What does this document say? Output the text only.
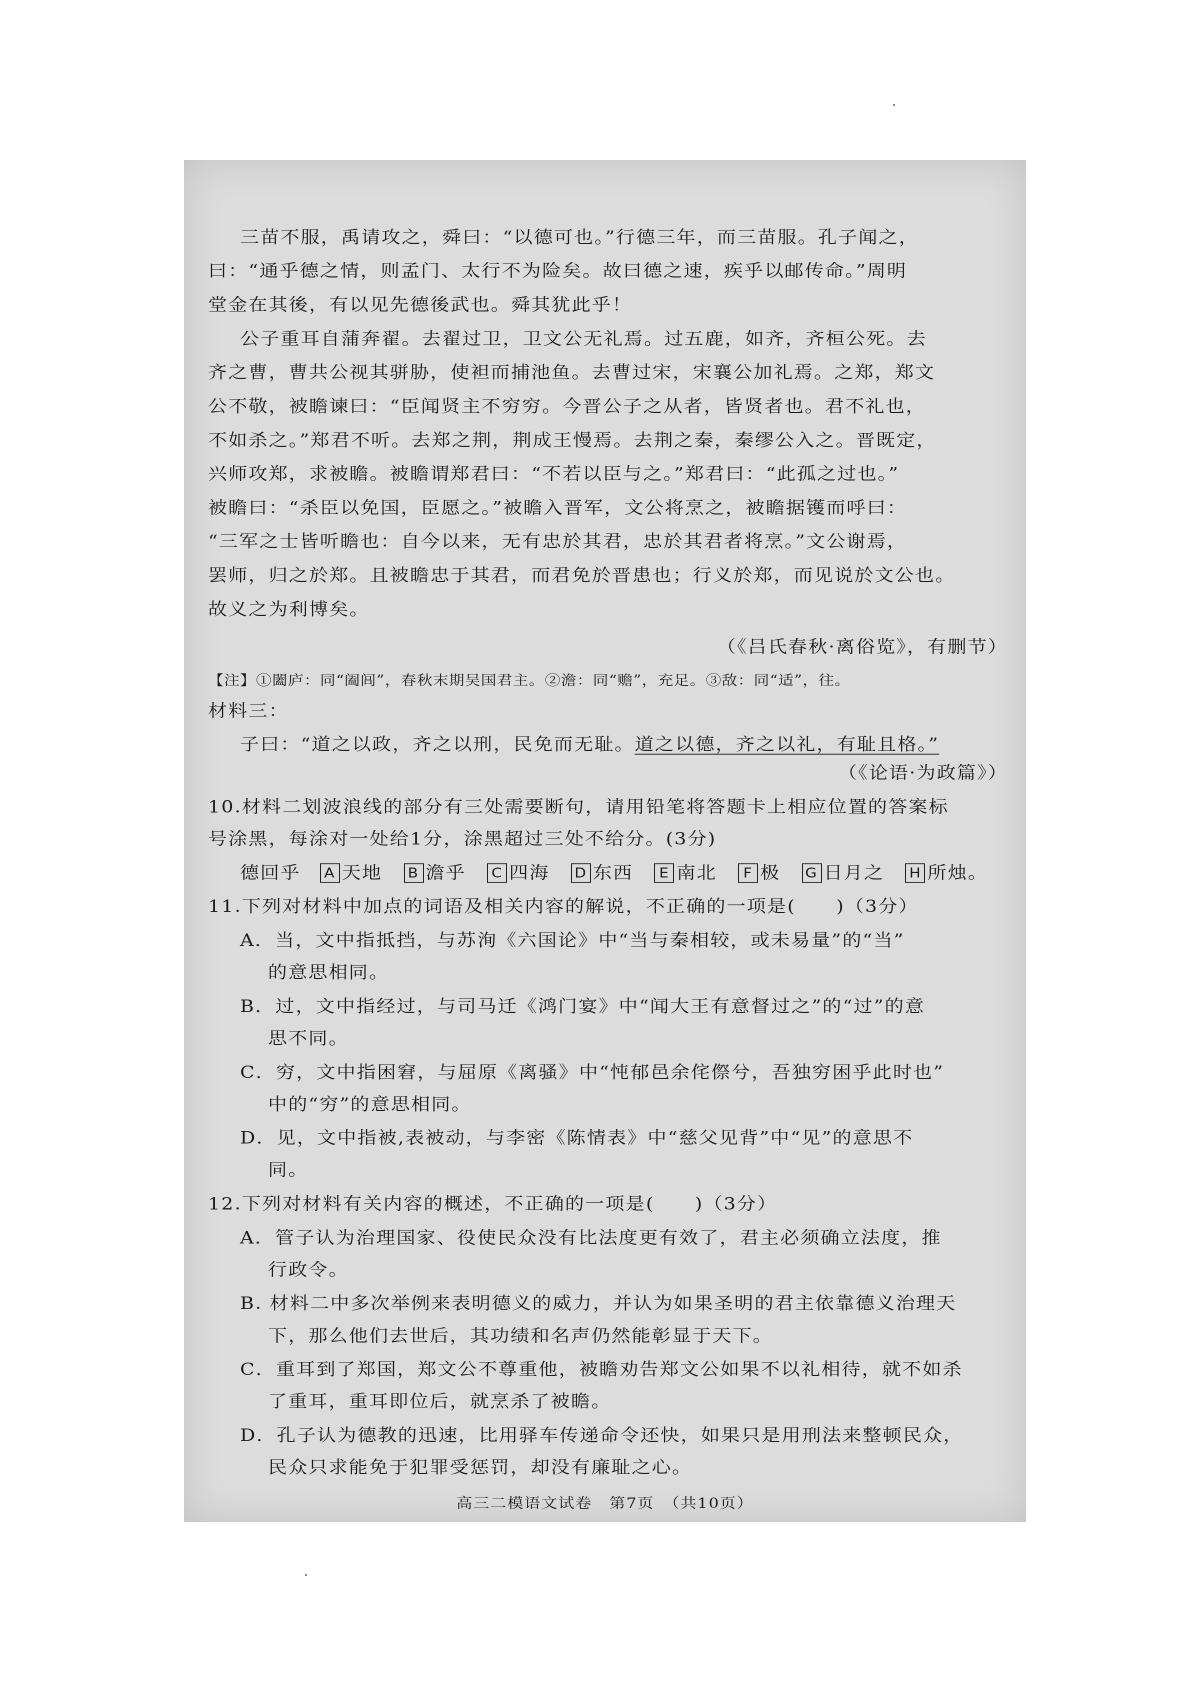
三苗不服，禹请攻之，舜曰：“以德可也。”行德三年，而三苗服。孔子闻之，
曰：“通乎德之情，则孟门、太行不为险矣。故曰德之速，疾乎以邮传命。”周明
堂金在其後，有以见先德後武也。舜其犹此乎！
公子重耳自蒲奔翟。去翟过卫，卫文公无礼焉。过五鹿，如齐，齐桓公死。去
齐之曹，曹共公视其骈胁，使袒而捕池鱼。去曹过宋，宋襄公加礼焉。之郑，郑文
公不敬，被瞻谏曰：“臣闻贤主不穷穷。今晋公子之从者，皆贤者也。君不礼也，
不如杀之。”郑君不听。去郑之荆，荆成王慢焉。去荆之秦，秦缪公入之。晋既定，
兴师攻郑，求被瞻。被瞻谓郑君曰：“不若以臣与之。”郑君曰：“此孤之过也。”
被瞻曰：“杀臣以免国，臣愿之。”被瞻入晋军，文公将烹之，被瞻据镬而呼曰：
“三军之士皆听瞻也：自今以来，无有忠於其君，忠於其君者将烹。”文公谢焉，
罢师，归之於郑。且被瞻忠于其君，而君免於晋患也；行义於郑，而见说於文公也。
故义之为利博矣。
（《吕氏春秋·离俗览》，有删节）
【注】①闔庐：同“阖闾”，春秋末期吴国君主。②澹：同“赡”，充足。③敌：同“适”，往。
材料三：
子曰：“道之以政，齐之以刑，民免而无耻。道之以德，齐之以礼，有耻且格。”
（《论语·为政篇》）
10.材料二划波浪线的部分有三处需要断句，请用铅笔将答题卡上相应位置的答案标
号涂黑，每涂对一处给1分，涂黑超过三处不给分。(3分)
德回乎 A 天地 B 澹乎 C 四海 D 东西 E 南北 F 极 G 日月之 H 所烛。
11.下列对材料中加点的词语及相关内容的解说，不正确的一项是(　　)（3分）
A．当，文中指抵挡，与苏洵《六国论》中“当与秦相较，或未易量”的“当”
的意思相同。
B．过，文中指经过，与司马迁《鸿门宴》中“闻大王有意督过之”的“过”的意
思不同。
C．穷，文中指困窘，与屈原《离骚》中“忳郁邑余侘傺兮，吾独穷困乎此时也”
中的“穷”的意思相同。
D．见，文中指被,表被动，与李密《陈情表》中“慈父见背”中“见”的意思不
同。
12.下列对材料有关内容的概述，不正确的一项是(　　)（3分）
A．管子认为治理国家、役使民众没有比法度更有效了，君主必须确立法度，推
行政令。
B. 材料二中多次举例来表明德义的威力，并认为如果圣明的君主依靠德义治理天
下，那么他们去世后，其功绩和名声仍然能彰显于天下。
C．重耳到了郑国，郑文公不尊重他，被瞻劝告郑文公如果不以礼相待，就不如杀
了重耳，重耳即位后，就烹杀了被瞻。
D．孔子认为德教的迅速，比用驿车传递命令还快，如果只是用刑法来整顿民众，
民众只求能免于犯罪受惩罚，却没有廉耻之心。
高三二模语文试卷　第7页　（共10页）
